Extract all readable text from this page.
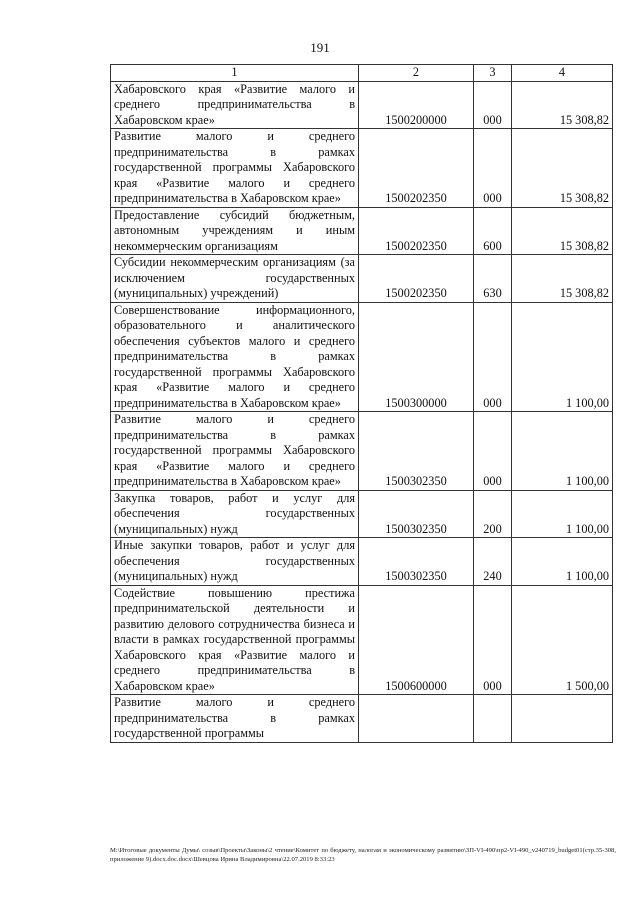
191
1	2	3	4
Хабаровского края «Развитие малого и среднего предпринимательства в Хабаровском крае»	1500200000	000	15 308,82
Развитие малого и среднего предпринимательства в рамках государственной программы Хабаровского края «Развитие малого и среднего предпринимательства в Хабаровском крае»	1500202350	000	15 308,82
Предоставление субсидий бюджетным, автономным учреждениям и иным некоммерческим организациям	1500202350	600	15 308,82
Субсидии некоммерческим организациям (за исключением государственных (муниципальных) учреждений)	1500202350	630	15 308,82
Совершенствование информационного, образовательного и аналитического обеспечения субъектов малого и среднего предпринимательства в рамках государственной программы Хабаровского края «Развитие малого и среднего предпринимательства в Хабаровском крае»	1500300000	000	1 100,00
Развитие малого и среднего предпринимательства в рамках государственной программы Хабаровского края «Развитие малого и среднего предпринимательства в Хабаровском крае»	1500302350	000	1 100,00
Закупка товаров, работ и услуг для обеспечения государственных (муниципальных) нужд	1500302350	200	1 100,00
Иные закупки товаров, работ и услуг для обеспечения государственных (муниципальных) нужд	1500302350	240	1 100,00
Содействие повышению престижа предпринимательской деятельности и развитию делового сотрудничества бизнеса и власти в рамках государственной программы Хабаровского края «Развитие малого и среднего предпринимательства в Хабаровском крае»	1500600000	000	1 500,00
Развитие малого и среднего предпринимательства в рамках государственной программы			
M:\Итоговые документы Думы\ созыв\Проекты\Законы\2 чтение\Комитет по бюджету, налогам и экономическому развитию\ЗП-VI-490\пр2-VI-490_v240719_budget01(стр.35-308, приложение 9).docx.doc.docx\Шевцова Ирина Владимировна\22.07.2019 8:33:23
